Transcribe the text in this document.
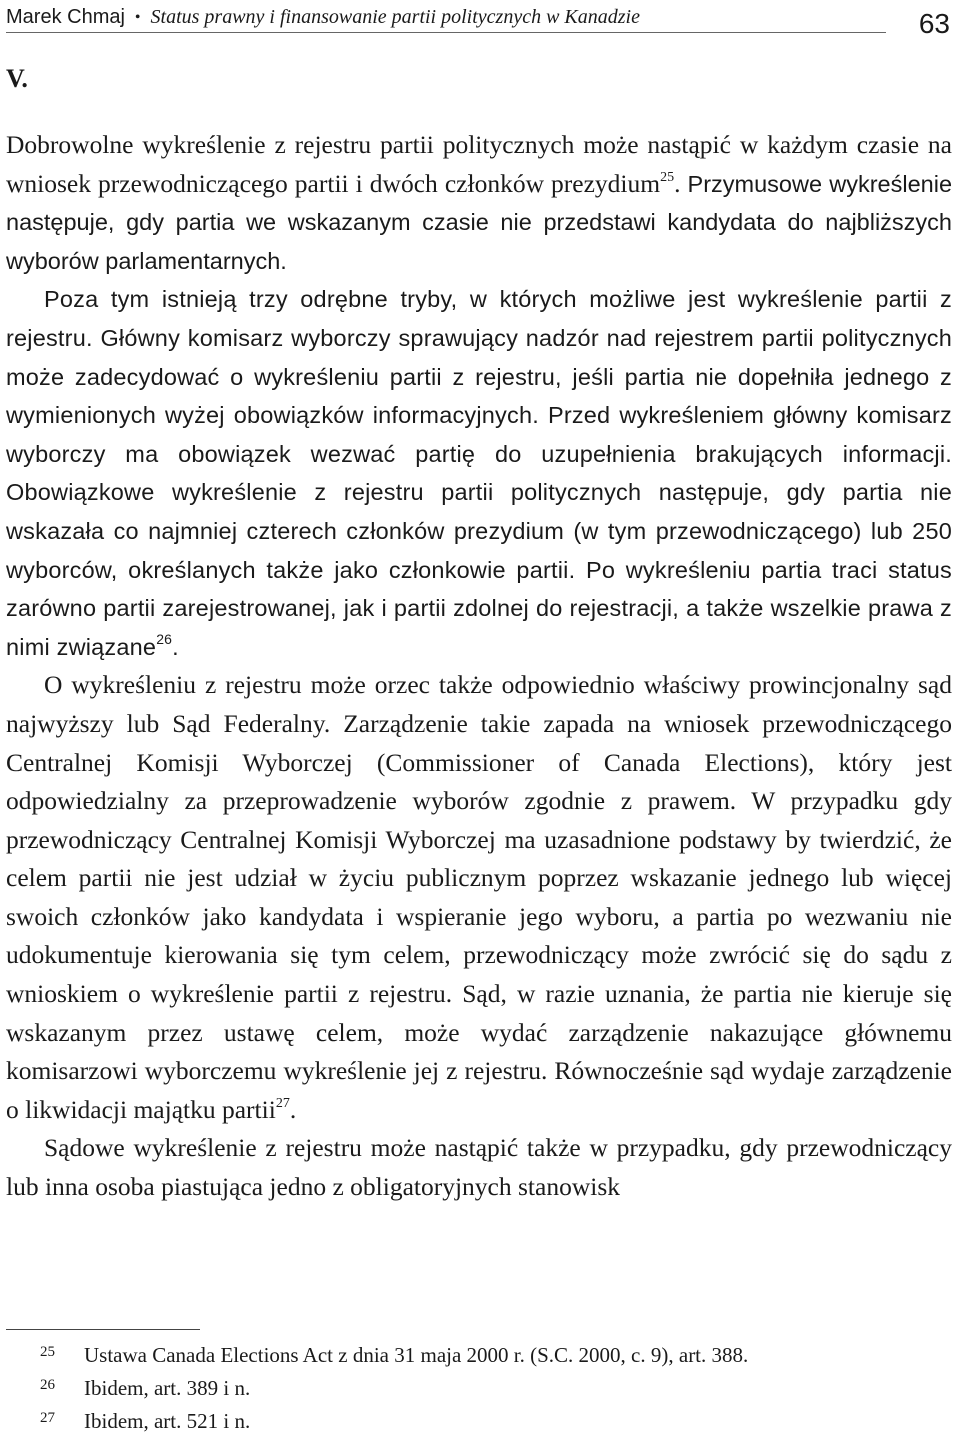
Marek Chmaj • Status prawny i finansowanie partii politycznych w Kanadzie	63
V.

Dobrowolne wykreślenie z rejestru partii politycznych może nastąpić w każdym czasie na wniosek przewodniczącego partii i dwóch członków prezydium$^{25}$. Przymusowe wykreślenie następuje, gdy partia we wskazanym czasie nie przedstawi kandydata do najbliższych wyborów parlamentarnych.

Poza tym istnieją trzy odrębne tryby, w których możliwe jest wykreślenie partii z rejestru. Główny komisarz wyborczy sprawujący nadzór nad rejestrem partii politycznych może zadecydować o wykreśleniu partii z rejestru, jeśli partia nie dopełniła jednego z wymienionych wyżej obowiązków informacyjnych. Przed wykreśleniem główny komisarz wyborczy ma obowiązek wezwać partię do uzupełnienia brakujących informacji. Obowiązkowe wykreślenie z rejestru partii politycznych następuje, gdy partia nie wskazała co najmniej czterech członków prezydium (w tym przewodniczącego) lub 250 wyborców, określanych także jako członkowie partii. Po wykreśleniu partia traci status zarówno partii zarejestrowanej, jak i partii zdolnej do rejestracji, a także wszelkie prawa z nimi związane$^{26}$.

O wykreśleniu z rejestru może orzec także odpowiednio właściwy prowincjonalny sąd najwyższy lub Sąd Federalny. Zarządzenie takie zapada na wniosek przewodniczącego Centralnej Komisji Wyborczej (Commissioner of Canada Elections), który jest odpowiedzialny za przeprowadzenie wyborów zgodnie z prawem. W przypadku gdy przewodniczący Centralnej Komisji Wyborczej ma uzasadnione podstawy by twierdzić, że celem partii nie jest udział w życiu publicznym poprzez wskazanie jednego lub więcej swoich członków jako kandydata i wspieranie jego wyboru, a partia po wezwaniu nie udokumentuje kierowania się tym celem, przewodniczący może zwrócić się do sądu z wnioskiem o wykreślenie partii z rejestru. Sąd, w razie uznania, że partia nie kieruje się wskazanym przez ustawę celem, może wydać zarządzenie nakazujące głównemu komisarzowi wyborczemu wykreślenie jej z rejestru. Równocześnie sąd wydaje zarządzenie o likwidacji majątku partii$^{27}$.

Sądowe wykreślenie z rejestru może nastąpić także w przypadku, gdy przewodniczący lub inna osoba piastująca jedno z obligatoryjnych stanowisk

25	Ustawa Canada Elections Act z dnia 31 maja 2000 r. (S.C. 2000, c. 9), art. 388.
26	Ibidem, art. 389 i n.
27	Ibidem, art. 521 i n.
